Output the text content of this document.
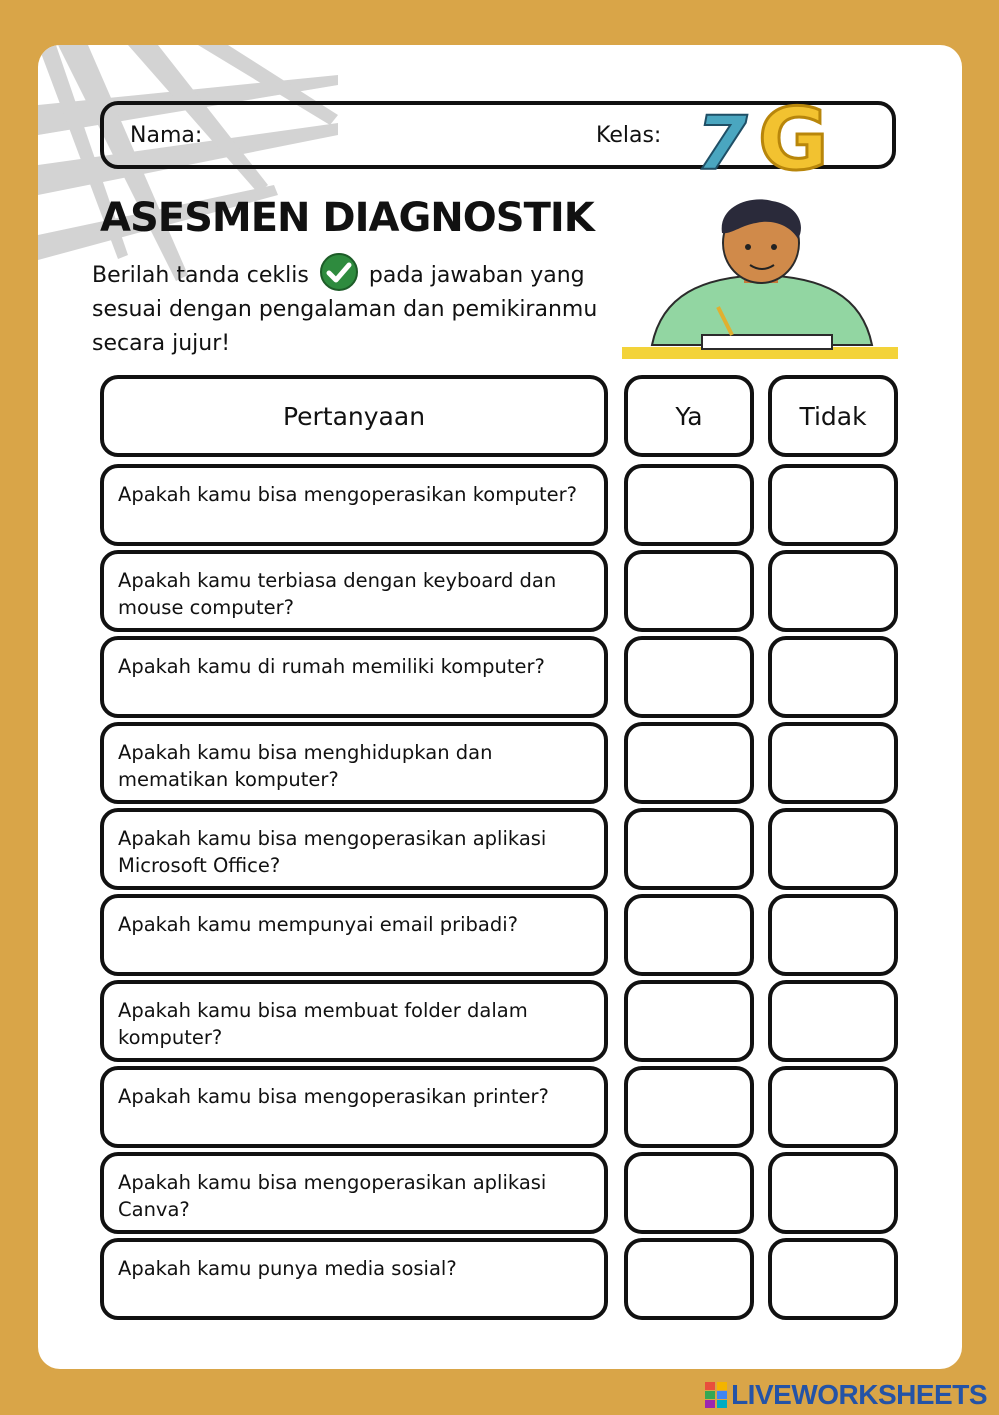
Nama:	Kelas: 7 G
ASESMEN DIAGNOSTIK
Berilah tanda ceklis	pada jawaban yang sesuai dengan pengalaman dan pemikiranmu secara jujur!
Pertanyaan	Ya	Tidak
Apakah kamu bisa mengoperasikan komputer?
Apakah kamu terbiasa dengan keyboard dan mouse computer?
Apakah kamu di rumah memiliki komputer?
Apakah kamu bisa menghidupkan dan mematikan komputer?
Apakah kamu bisa mengoperasikan aplikasi Microsoft Office?
Apakah kamu mempunyai email pribadi?
Apakah kamu bisa membuat folder dalam komputer?
Apakah kamu bisa mengoperasikan printer?
Apakah kamu bisa mengoperasikan aplikasi Canva?
Apakah kamu punya media sosial?
LIVEWORKSHEETS
